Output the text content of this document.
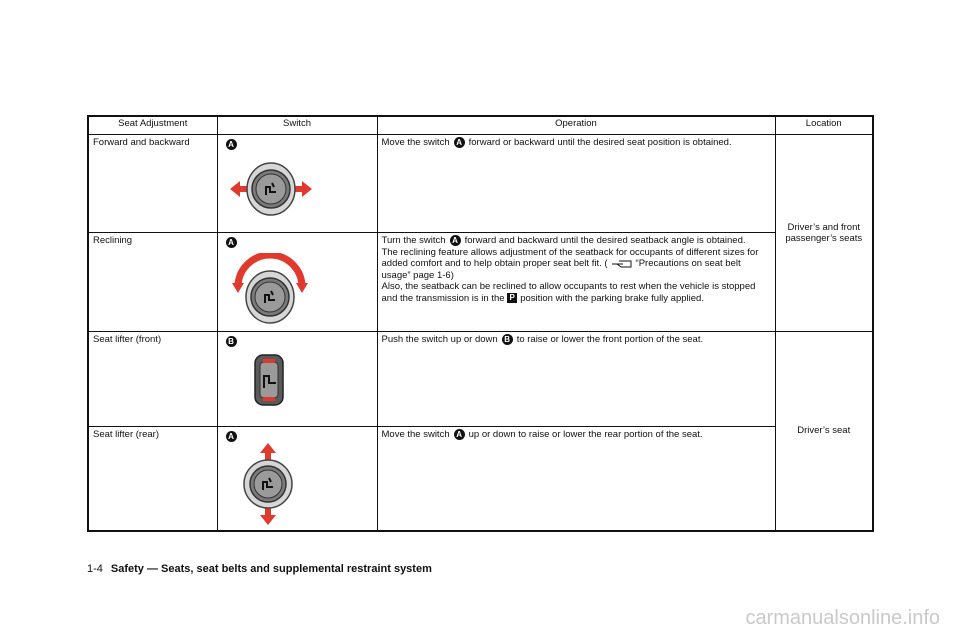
Seat Adjustment	Switch	Operation	Location
Forward and backward	A	Move the switch A forward or backward until the desired seat position is obtained.	Driver’s and front passenger’s seats
Reclining	A	Turn the switch A forward and backward until the desired seatback angle is obtained.
The reclining feature allows adjustment of the seatback for occupants of different sizes for added comfort and to help obtain proper seat belt fit. ( “Precautions on seat belt usage” page 1-6)
Also, the seatback can be reclined to allow occupants to rest when the vehicle is stopped and the transmission is in the P position with the parking brake fully applied.	

Seat lifter (front)	B	Push the switch up or down B to raise or lower the front portion of the seat.	Driver’s seat
Seat lifter (rear)	A	Move the switch A up or down to raise or lower the rear portion of the seat.	
1-4 Safety — Seats, seat belts and supplemental restraint system
carmanualsonline.info
